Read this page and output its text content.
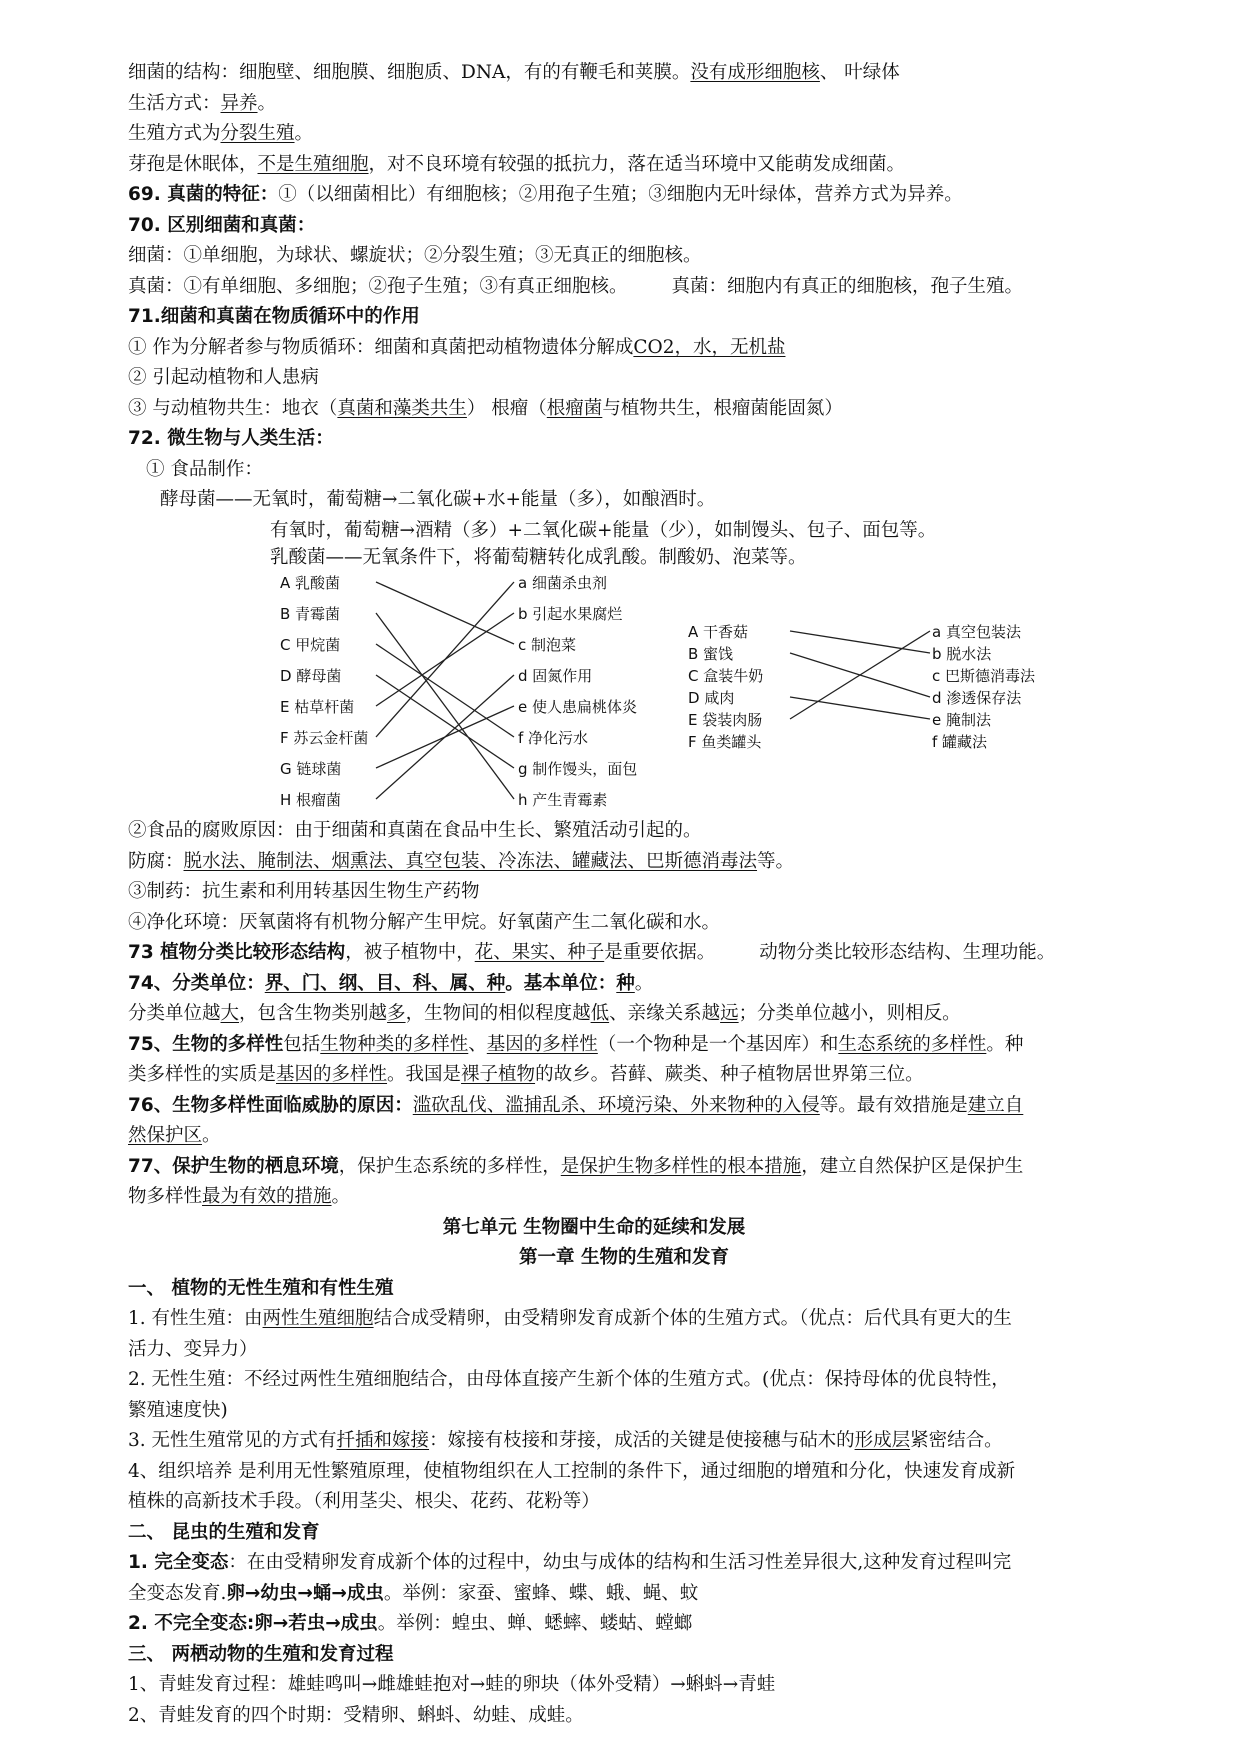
细菌的结构：细胞壁、细胞膜、细胞质、DNA，有的有鞭毛和荚膜。没有成形细胞核、 叶绿体
生活方式：异养。
生殖方式为分裂生殖。
芽孢是休眠体，不是生殖细胞，对不良环境有较强的抵抗力，落在适当环境中又能萌发成细菌。
69. 真菌的特征：①（以细菌相比）有细胞核；②用孢子生殖；③细胞内无叶绿体，营养方式为异养。
70. 区别细菌和真菌：
细菌：①单细胞，为球状、螺旋状；②分裂生殖；③无真正的细胞核。
真菌：①有单细胞、多细胞；②孢子生殖；③有真正细胞核。 真菌：细胞内有真正的细胞核，孢子生殖。
71.细菌和真菌在物质循环中的作用
① 作为分解者参与物质循环：细菌和真菌把动植物遗体分解成CO2，水，无机盐
② 引起动植物和人患病
③ 与动植物共生：地衣（真菌和藻类共生） 根瘤（根瘤菌与植物共生，根瘤菌能固氮）
72. 微生物与人类生活：
① 食品制作：
酵母菌——无氧时，葡萄糖→二氧化碳+水+能量（多），如酿酒时。
有氧时，葡萄糖→酒精（多）+二氧化碳+能量（少），如制馒头、包子、面包等。
乳酸菌——无氧条件下，将葡萄糖转化成乳酸。制酸奶、泡菜等。
A 乳酸菌
B 青霉菌
C 甲烷菌
D 酵母菌
E 枯草杆菌
F 苏云金杆菌
G 链球菌
H 根瘤菌
a 细菌杀虫剂
b 引起水果腐烂
c 制泡菜
d 固氮作用
e 使人患扁桃体炎
f 净化污水
g 制作馒头，面包
h 产生青霉素
A 干香菇
B 蜜饯
C 盒装牛奶
D 咸肉
E 袋装肉肠
F 鱼类罐头
a 真空包装法
b 脱水法
c 巴斯德消毒法
d 渗透保存法
e 腌制法
f 罐藏法
②食品的腐败原因：由于细菌和真菌在食品中生长、繁殖活动引起的。
防腐：脱水法、腌制法、烟熏法、真空包装、冷冻法、罐藏法、巴斯德消毒法等。
③制药：抗生素和利用转基因生物生产药物
④净化环境：厌氧菌将有机物分解产生甲烷。好氧菌产生二氧化碳和水。
73 植物分类比较形态结构，被子植物中，花、果实、种子是重要依据。 动物分类比较形态结构、生理功能。
74、分类单位：界、门、纲、目、科、属、种。基本单位：种。
分类单位越大，包含生物类别越多，生物间的相似程度越低、亲缘关系越远；分类单位越小，则相反。
75、生物的多样性包括生物种类的多样性、基因的多样性（一个物种是一个基因库）和生态系统的多样性。种
类多样性的实质是基因的多样性。我国是裸子植物的故乡。苔藓、蕨类、种子植物居世界第三位。
76、生物多样性面临威胁的原因：滥砍乱伐、滥捕乱杀、环境污染、外来物种的入侵等。最有效措施是建立自
然保护区。
77、保护生物的栖息环境，保护生态系统的多样性，是保护生物多样性的根本措施，建立自然保护区是保护生
物多样性最为有效的措施。
第七单元 生物圈中生命的延续和发展
第一章 生物的生殖和发育
一、 植物的无性生殖和有性生殖
1. 有性生殖：由两性生殖细胞结合成受精卵，由受精卵发育成新个体的生殖方式。（优点：后代具有更大的生
活力、变异力）
2. 无性生殖：不经过两性生殖细胞结合，由母体直接产生新个体的生殖方式。(优点：保持母体的优良特性，
繁殖速度快)
3. 无性生殖常见的方式有扦插和嫁接：嫁接有枝接和芽接，成活的关键是使接穗与砧木的形成层紧密结合。
4、组织培养 是利用无性繁殖原理，使植物组织在人工控制的条件下，通过细胞的增殖和分化，快速发育成新
植株的高新技术手段。（利用茎尖、根尖、花药、花粉等）
二、 昆虫的生殖和发育
1. 完全变态：在由受精卵发育成新个体的过程中，幼虫与成体的结构和生活习性差异很大,这种发育过程叫完
全变态发育.卵→幼虫→蛹→成虫。举例：家蚕、蜜蜂、蝶、蛾、蝇、蚊
2. 不完全变态:卵→若虫→成虫。举例：蝗虫、蝉、蟋蟀、蝼蛄、螳螂
三、 两栖动物的生殖和发育过程
1、青蛙发育过程：雄蛙鸣叫→雌雄蛙抱对→蛙的卵块（体外受精）→蝌蚪→青蛙
2、青蛙发育的四个时期：受精卵、蝌蚪、幼蛙、成蛙。
